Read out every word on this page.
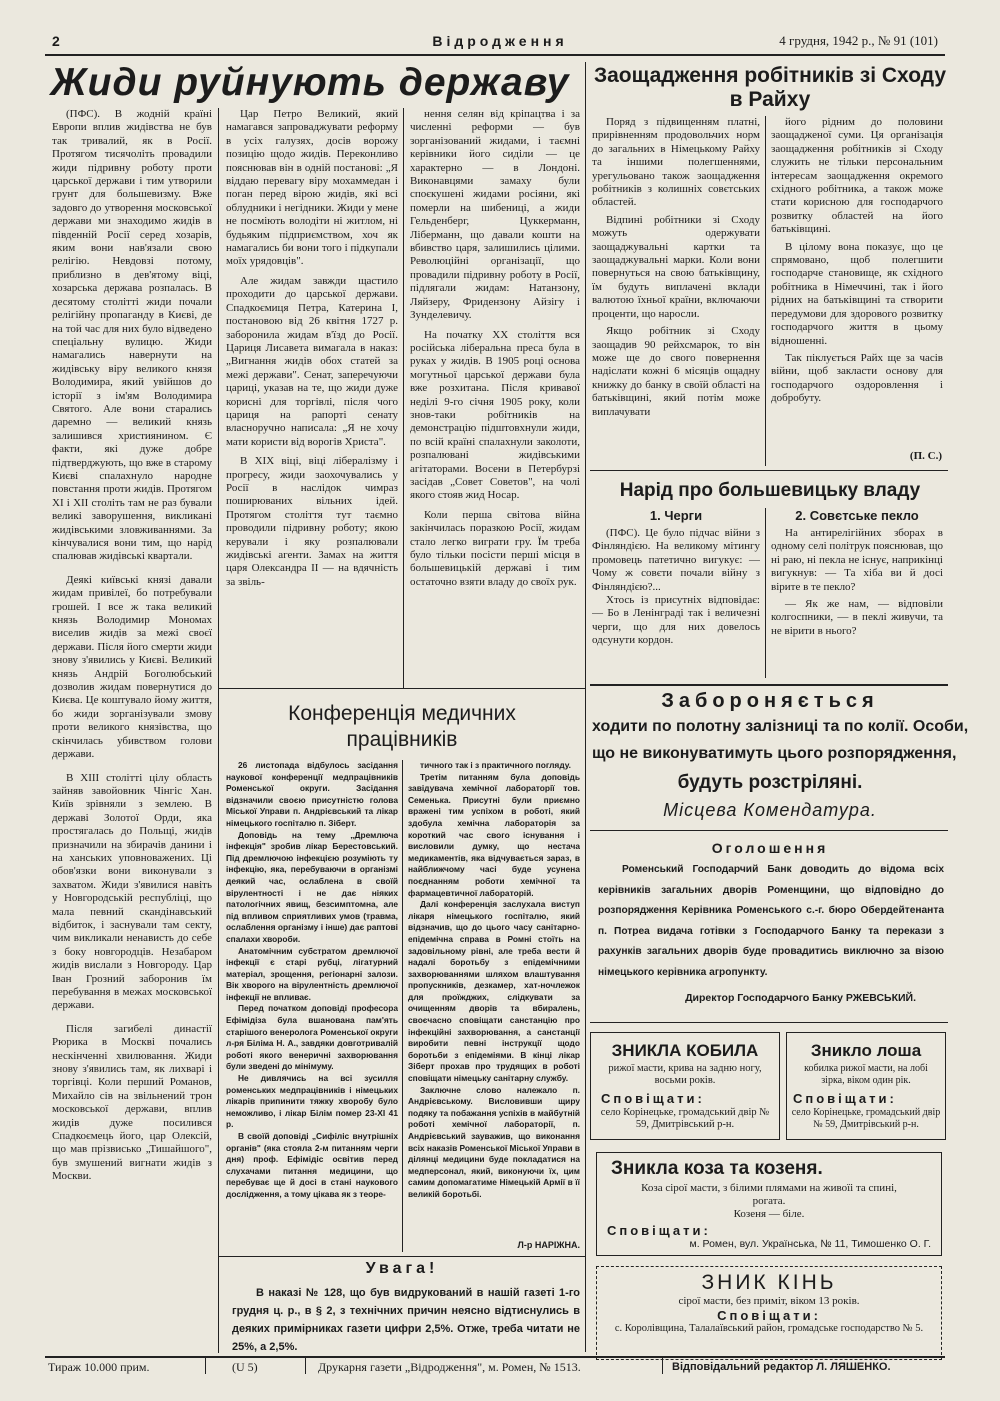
2	Відродження	4 грудня, 1942 р., № 91 (101)
Жиди руйнують державу

(ПФС). В жодній країні Европи вплив жидівства не був так тривалий, як в Росії. Протягом тисячоліть провадили жиди підривну роботу проти царської держави і тим утворили грунт для большевизму. Вже задовго до утворення московської держави ми знаходимо жидів в південній Росії серед хозарів, яким вони нав'язали свою релігію. Невдовзі потому, приблизно в дев'ятому віці, хозарська держава розпалась. В десятому столітті жиди почали релігійну пропаганду в Києві, де на той час для них було відведено спеціальну вулицю. Жиди намагались навернути на жидівську віру великого князя Володимира, який увійшов до історії з ім'ям Володимира Святого. Але вони старались даремно — великий князь залишився християнином. Є факти, які дуже добре підтверджують, що вже в старому Києві спалахнуло народне повстання проти жидів. Протягом XI і XII століть там не раз бували великі заворушення, викликані жидівськими зловживаннями. За кінчувалися вони тим, що нарід спалював жидівські квартали.

Деякі київські князі давали жидам привілеї, бо потребували грошей. І все ж така великий князь Володимир Мономах виселив жидів за межі своєї держави. Після його смерти жиди знову з'явились у Києві. Великий князь Андрій Боголюбський дозволив жидам повернутися до Києва. Це коштувало йому життя, бо жиди зорганізували змову проти великого князівства, що скінчилась убивством голови держави.

В XIII столітті цілу область зайняв завойовник Чінгіс Хан. Київ зрівняли з землею. В державі Золотої Орди, яка простягалась до Польщі, жидів призначили на збирачів данини і на ханських уповноважених. Ці обов'язки вони виконували з захватом. Жиди з'явилися навіть у Новгородській республіці, що мала певний скандінавський відбиток, і заснували там секту, чим викликали ненависть до себе з боку новгородців. Незабаром жидів вислали з Новгороду. Цар Іван Грозний заборонив їм перебування в межах московської держави.

Після загибелі династії Рюрика в Москві почались нескінченні хвилювання. Жиди знову з'явились там, як лихварі і торгівці. Коли перший Романов, Михайло сів на звільнений трон московської держави, вплив жидів дуже посилився Спадкоємець його, цар Олексій, що мав прізвисько „Тишайшого", був змушений вигнати жидів з Москви.

Цар Петро Великий, який намагався запроваджувати реформу в усіх галузях, досів ворожу позицію щодо жидів. Переконливо пояснював він в одній постанові: „Я віддаю перевагу віру мохаммедан і поган перед вірою жидів, які всі облудники і негідники. Жиди у мене не посміють володіти ні житлом, ні будьяким підприємством, хоч як намагались би вони того і підкупали моїх урядовців".

Але жидам завжди щастило проходити до царської держави. Спадкоємиця Петра, Катерина I, постановою від 26 квітня 1727 р. заборонила жидам в'їзд до Росії. Цариця Лисавета вимагала в наказ: „Вигнання жидів обох статей за межі держави". Сенат, заперечуючи цариці, указав на те, що жиди дуже корисні для торгівлі, після чого цариця на рапорті сенату власноручно написала: „Я не хочу мати користи від ворогів Христа".

В XIX віці, віці лібералізму і прогресу, жиди заохочувались у Росії в наслідок чимраз поширюваних вільних ідей. Протягом століття тут таємно проводили підривну роботу; якою керували і яку розпалювали жидівські агенти. Замах на життя царя Олександра II — на вдячність за звіль-

нення селян від кріпацтва і за численні реформи — був зорганізований жидами, і таємні керівники його сиділи — це характерно — в Лондоні. Виконавцями замаху були споєкушені жидами росіяни, які померли на шибениці, а жиди Гельденберг, Цуккерманн, Ліберманн, що давали кошти на вбивство царя, залишились цілими. Революційні організації, що провадили підривну роботу в Росії, підлягали жидам: Натанзону, Ляйзеру, Фридензону Айзігу і Зунделевичу.

На початку XX століття вся російська ліберальна преса була в руках у жидів. В 1905 році основа могутньої царської держави була вже розхитана. Після кривавої неділі 9-го січня 1905 року, коли знов-таки робітників на демонстрацію підштовхнули жиди, по всій країні спалахнули заколоти, розпалювані жидівськими агітаторами. Восени в Петербурзі засідав „Совет Советов", на чолі якого стояв жид Носар.

Коли перша світова війна закінчилась поразкою Росії, жидам стало легко виграти гру. Їм треба було тільки посісти перші місця в большевицькій державі і тим остаточно взяти владу до своїх рук.

Заощадження робітників зі Сходу в Райху

Поряд з підвищенням платні, прирівненням продовольчих норм до загальних в Німецькому Райху та іншими полегшеннями, урегульовано також заощадження робітників з колишніх совєтських областей.

Відпині робітники зі Сходу можуть одержувати заощаджувальні картки та заощаджувальні марки. Коли вони повернуться на свою батьківщину, їм будуть виплачені вклади валютою їхньої країни, включаючи проценти, що наросли.

Якщо робітник зі Сходу заощадив 90 рейхсмарок, то він може ще до свого повернення надіслати кожні 6 місяців ощадну книжку до банку в своїй області на батьківщині, який потім може виплачувати

його рідним до половини заощадженої суми. Ця організація заощадження робітників зі Сходу служить не тільки персональним інтересам заощадження окремого східного робітника, а також може стати корисною для господарчого розвитку областей на його батьківщині.

В цілому вона показує, що це спрямовано, щоб полегшити господарче становище, як східного робітника в Німеччині, так і його рідних на батьківщині та створити передумови для здорового розвитку господарчого життя в цьому відношенні.

Так піклується Райх ще за часів війни, щоб закласти основу для господарчого оздоровлення і добробуту.

(П. С.)
Нарід про большевицьку владу
1. Черги	2. Совєтське пекло

(ПФС). Це було підчас війни з Фінляндією. На великому мітингу промовець патетично вигукує: — Чому ж совєти почали війну з Фінляндією?...

Хтось із присутніх відповідає: — Бо в Ленінграді так і величезні черги, що для них довелось одсунути кордон.

На антирелігійних зборах в одному селі політрук пояснював, що ні раю, ні пекла не існує, наприкінці вигукнув: — Та хіба ви й досі вірите в те пекло?

— Як же нам, — відповіли колгоспники, — в пеклі живучи, та не вірити в нього?

Забороняється
ходити по полотну залізниці та по колії. Особи,
що не виконуватимуть цього розпорядження,
будуть розстріляні.
Місцева Комендатура.
Оголошення
Роменський Господарчий Банк доводить до відома всіх керівників загальних дворів Роменщини, що відповідно до розпорядження Керівника Роменського с.-г. бюро Обердейтенанта п. Потреа видача готівки з Господарчого Банку та перекази з рахунків загальних дворів буде провадитись виключно за візою німецького керівника агропункту.
Директор Господарчого Банку РЖЕВСЬКИЙ.
ЗНИКЛА КОБИЛА
рижої масти, крива на задню ногу, восьми років.
Сповіщати:
село Корінецьке, громадський двір № 59, Дмитрівський р-н.
Зникло лоша
кобилка рижої масти, на лобі зірка, віком один рік.
Сповіщати:
село Корінецьке, громадський двір № 59, Дмитрівський р-н.
Зникла коза та козеня.
Коза сірої масти, з білими плямами на живоїі та спині, рогата.
Козеня — біле.
Сповіщати:
м. Ромен, вул. Українська, № 11, Тимошенко О. Г.
ЗНИК КІНЬ
сірої масти, без приміт, віком 13 років.
Сповіщати:
с. Королівщина, Талалаївський район, громадське господарство № 5.
Конференція медичних
працівників

26 листопада відбулось засідання наукової конференції медпрацівників Роменської округи. Засідання відзначили своєю присутністю голова Міської Управи п. Андрієвський та лікар німецького госпіталю п. Зіберт.

Доповідь на тему „Дремлюча інфекція" зробив лікар Берестовський. Під дремлючою інфекцією розуміють ту інфекцію, яка, перебуваючи в організмі деякий час, ослаблена в своїй вірулентності і не дає ніяких патологічних явищ, безсимптомна, але під впливом сприятливих умов (травма, ослаблення організму і інше) дає раптові спалахи хвороби.

Анатомічним субстратом дремлючої інфекції є старі рубці, лігатурний матеріал, зрощення, регіонарні залози. Вік хворого на вірулентність дремлючої інфекції не впливає.

Перед початком доповіді професора Ефімідіза була вшанована пам'ять старішого венеролога Роменської округи л-ря Біліма Н. А., завдяки довготривалій роботі якого венеричні захворювання були зведені до мінімуму.

Не дивлячись на всі зусилля роменських медпрацівників і німецьких лікарів припинити тяжку хворобу було неможливо, і лікар Білім помер 23-ХІ 41 р.

В своїй доповіді „Сифіліс внутрішніх органів" (яка стояла 2-м питанням черги дня) проф. Ефімідіс освітив перед слухачами питання медицини, що перебуває ще й досі в стані наукового дослідження, а тому цікава як з теоре-

тичного так і з практичного погляду.

Третім питанням була доповідь завідувача хемічної лабораторії тов. Семенька. Присутні були приємно вражені тим успіхом в роботі, який здобула хемічна лабораторія за короткий час свого існування і висловили думку, що нестача медикаментів, яка відчувається зараз, в найближчому часі буде усунена поєднанням роботи хемічної та фармацевтичної лабораторій.

Далі конференція заслухала виступ лікаря німецького госпіталю, який відзначив, що до цього часу санітарно-епідемічна справа в Ромні стоїть на задовільному рівні, але треба вести й надалі боротьбу з епідемічними захворюваннями шляхом влаштування пропускників, дезкамер, хат-ночлежок для проїжджих, слідкувати за очищенням дворів та вбиралень, своєчасно сповіщати санстанцію про інфекційні захворювання, а санстанції виробити певні інструкції щодо боротьби з епідеміями. В кінці лікар Зіберт прохав про трудящих в роботі сповіщати німецьку санітарну службу.

Заключне слово належало п. Андрієвському. Висловивши щиру подяку та побажання успіхів в майбутній роботі хемічної лабораторії, п. Андрієвський зауважив, що виконання всіх наказів Роменської Міської Управи в ділянці медицини буде покладатися на медперсонал, який, виконуючи їх, цим самим допомагатиме Німецькій Армії в її великій боротьбі.

Л-р НАРІЖНА.
Увага!
В наказі № 128, що був видрукований в нашій газеті 1-го грудня ц. р., в § 2, з технічних причин неясно відтиснулись в деяких примірниках газети цифри 2,5%. Отже, треба читати не 25%, а 2,5%.
Тираж 10.000 прим.	(U 5)	Друкарня газети „Відродження", м. Ромен, № 1513.	Відповідальний редактор Л. ЛЯШЕНКО.
